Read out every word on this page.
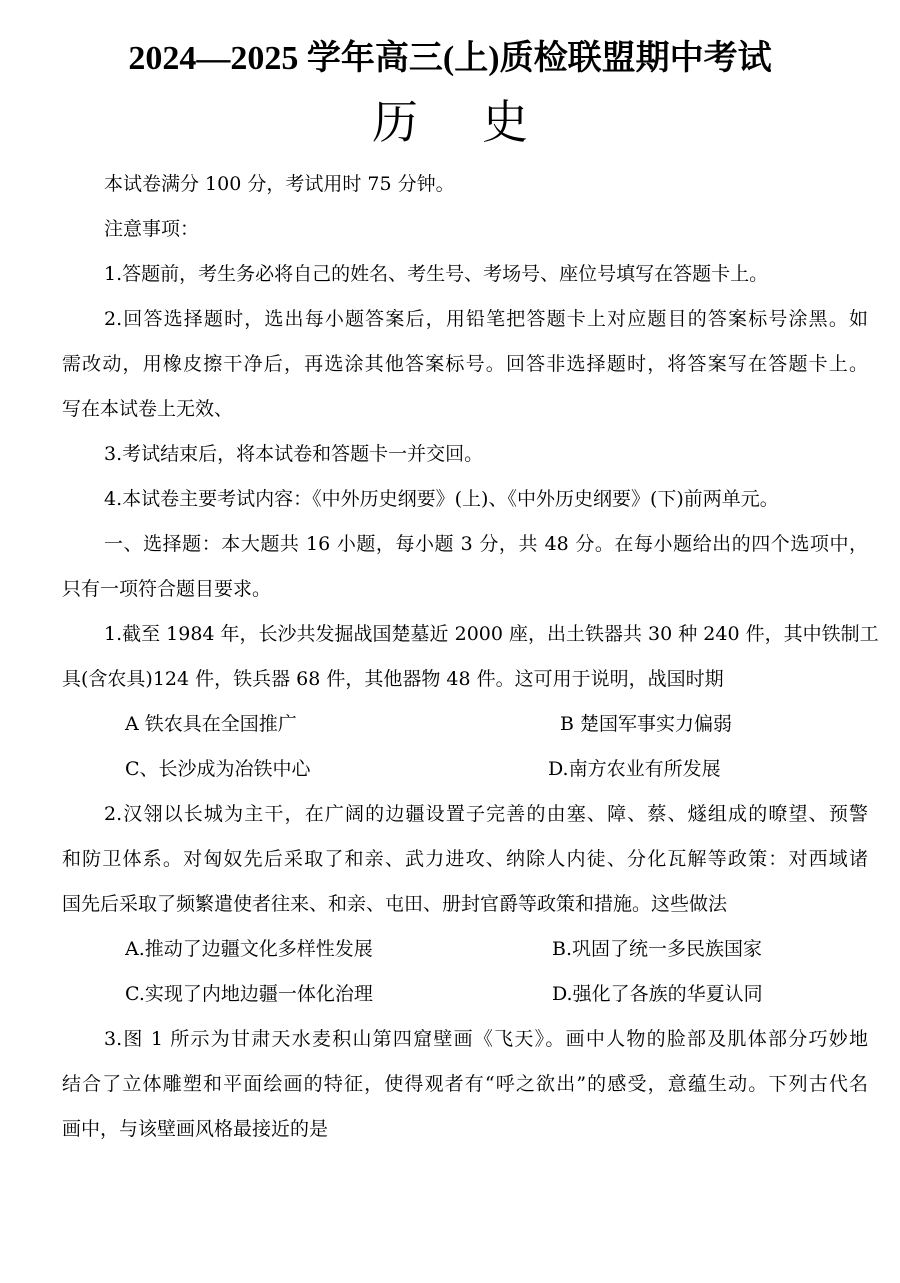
2024—2025 学年高三(上)质检联盟期中考试
历史
本试卷满分 100 分，考试用时 75 分钟。
注意事项：
1.答题前，考生务必将自己的姓名、考生号、考场号、座位号填写在答题卡上。
2.回答选择题时，选出每小题答案后，用铅笔把答题卡上对应题目的答案标号涂黑。如
需改动，用橡皮擦干净后，再选涂其他答案标号。回答非选择题时，将答案写在答题卡上。
写在本试卷上无效、
3.考试结束后，将本试卷和答题卡一并交回。
4.本试卷主要考试内容：《中外历史纲要》(上)、《中外历史纲要》(下)前两单元。
一、选择题：本大题共 16 小题，每小题 3 分，共 48 分。在每小题给出的四个选项中，
只有一项符合题目要求。
1.截至 1984 年，长沙共发掘战国楚墓近 2000 座，出土铁器共 30 种 240 件，其中铁制工
具(含农具)124 件，铁兵器 68 件，其他器物 48 件。这可用于说明，战国时期
A 铁农具在全国推广	B 楚国军事实力偏弱
C、长沙成为冶铁中心	D.南方农业有所发展
2.汉翎以长城为主干，在广阔的边疆设置子完善的由塞、障、蔡、燧组成的暸望、预警
和防卫体系。对匈奴先后采取了和亲、武力进攻、纳除人内徒、分化瓦解等政策：对西域诸
国先后采取了频繁遣使者往来、和亲、屯田、册封官爵等政策和措施。这些做法
A.推动了边疆文化多样性发展	B.巩固了统一多民族国家
C.实现了内地边疆一体化治理	D.强化了各族的华夏认同
3.图 1 所示为甘肃天水麦积山第四窟壁画《飞天》。画中人物的脸部及肌体部分巧妙地
结合了立体雕塑和平面绘画的特征，使得观者有“呼之欲出”的感受，意蕴生动。下列古代名
画中，与该壁画风格最接近的是
